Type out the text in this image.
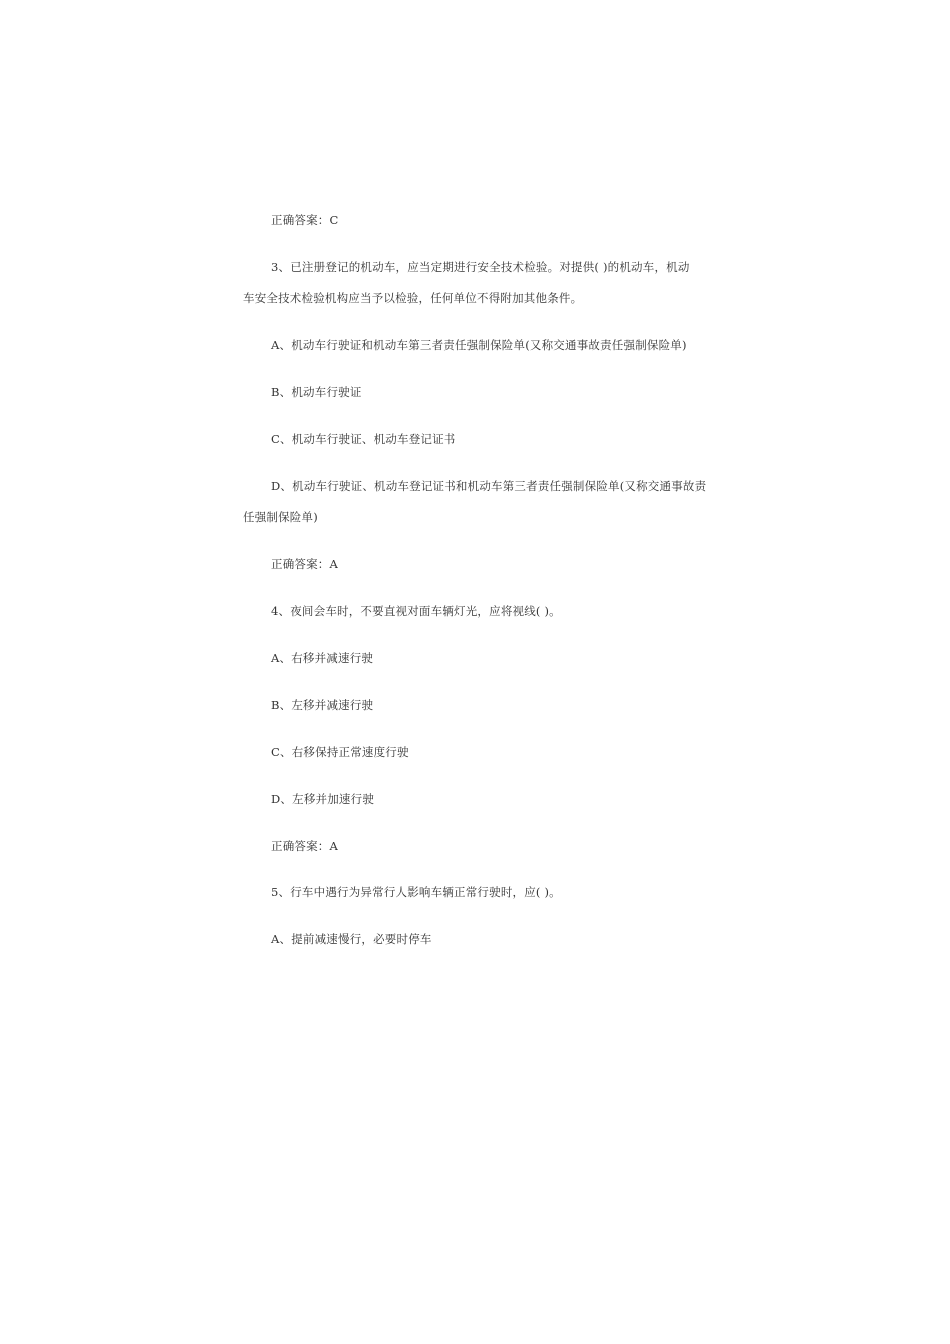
正确答案：C
3、已注册登记的机动车，应当定期进行安全技术检验。对提供( )的机动车，机动
车安全技术检验机构应当予以检验，任何单位不得附加其他条件。
A、机动车行驶证和机动车第三者责任强制保险单(又称交通事故责任强制保险单)
B、机动车行驶证
C、机动车行驶证、机动车登记证书
D、机动车行驶证、机动车登记证书和机动车第三者责任强制保险单(又称交通事故责
任强制保险单)
正确答案：A
4、夜间会车时，不要直视对面车辆灯光，应将视线( )。
A、右移并减速行驶
B、左移并减速行驶
C、右移保持正常速度行驶
D、左移并加速行驶
正确答案：A
5、行车中遇行为异常行人影响车辆正常行驶时，应( )。
A、提前减速慢行，必要时停车
